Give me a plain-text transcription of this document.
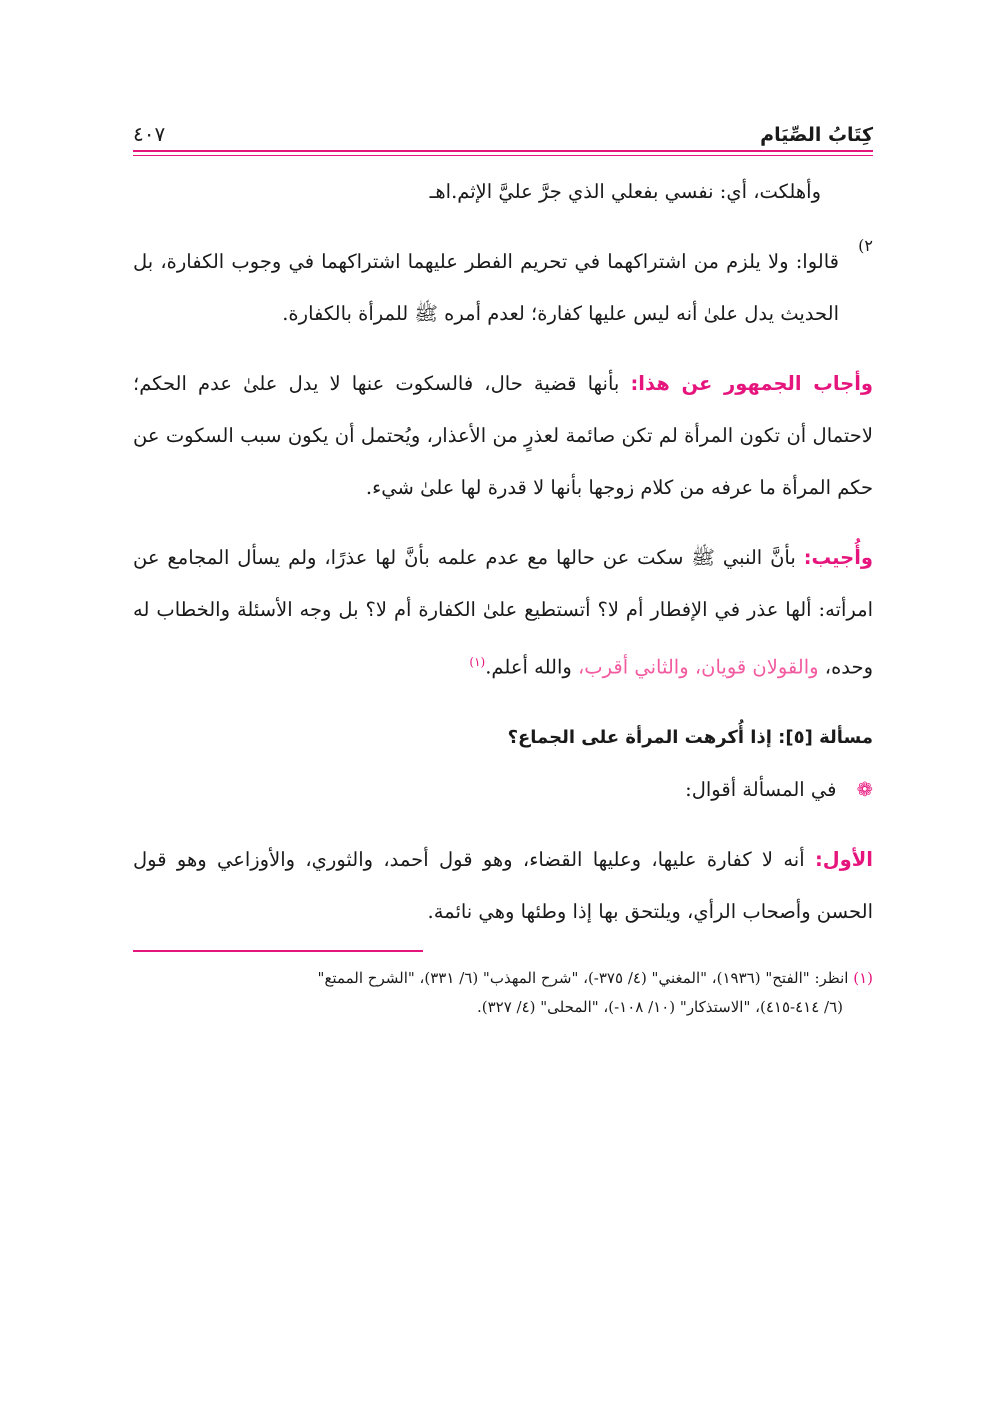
كِتَابُ الصِّيَام
٤٠٧

وأهلكت، أي: نفسي بفعلي الذي جرَّ عليَّ الإثم.اهـ

٢)

قالوا: ولا يلزم من اشتراكهما في تحريم الفطر عليهما اشتراكهما في وجوب الكفارة، بل الحديث يدل علىٰ أنه ليس عليها كفارة؛ لعدم أمره ﷺ للمرأة بالكفارة.

وأجاب الجمهور عن هذا: بأنها قضية حال، فالسكوت عنها لا يدل علىٰ عدم الحكم؛ لاحتمال أن تكون المرأة لم تكن صائمة لعذرٍ من الأعذار، ويُحتمل أن يكون سبب السكوت عن حكم المرأة ما عرفه من كلام زوجها بأنها لا قدرة لها علىٰ شيء.

وأُجيب: بأنَّ النبي ﷺ سكت عن حالها مع عدم علمه بأنَّ لها عذرًا، ولم يسأل المجامع عن امرأته: ألها عذر في الإفطار أم لا؟ أتستطيع علىٰ الكفارة أم لا؟ بل وجه الأسئلة والخطاب له وحده، والقولان قويان، والثاني أقرب، والله أعلم.$^{(١)}$

مسألة [٥]: إذا أُكرهت المرأة على الجماع؟

❁ في المسألة أقوال:

الأول: أنه لا كفارة عليها، وعليها القضاء، وهو قول أحمد، والثوري، والأوزاعي وهو قول الحسن وأصحاب الرأي، ويلتحق بها إذا وطئها وهي نائمة.

(١) انظر: "الفتح" (١٩٣٦)، "المغني" (٤/ ٣٧٥-)، "شرح المهذب" (٦/ ٣٣١)، "الشرح الممتع"
(٦/ ٤١٤-٤١٥)، "الاستذكار" (١٠/ ١٠٨-)، "المحلى" (٤/ ٣٢٧).
